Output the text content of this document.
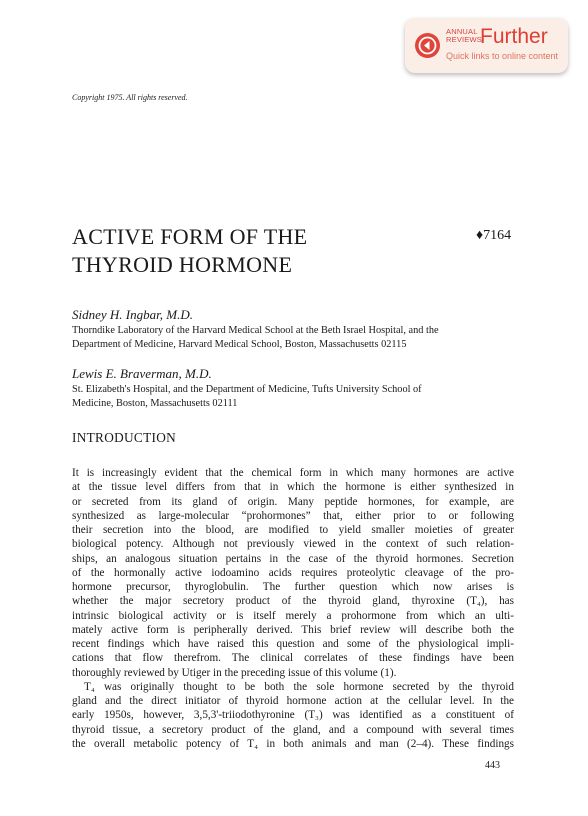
ANNUAL
REVIEWS
Further
Quick links to online content
Copyright 1975. All rights reserved.
ACTIVE FORM OF THE
THYROID HORMONE
♦7164
Sidney H. Ingbar, M.D.
Thorndike Laboratory of the Harvard Medical School at the Beth Israel Hospital, and the
Department of Medicine, Harvard Medical School, Boston, Massachusetts 02115
Lewis E. Braverman, M.D.
St. Elizabeth's Hospital, and the Department of Medicine, Tufts University School of
Medicine, Boston, Massachusetts 02111
INTRODUCTION
It is increasingly evident that the chemical form in which many hormones are active
at the tissue level differs from that in which the hormone is either synthesized in
or secreted from its gland of origin. Many peptide hormones, for example, are
synthesized as large-molecular “prohormones” that, either prior to or following
their secretion into the blood, are modified to yield smaller moieties of greater
biological potency. Although not previously viewed in the context of such relation-
ships, an analogous situation pertains in the case of the thyroid hormones. Secretion
of the hormonally active iodoamino acids requires proteolytic cleavage of the pro-
hormone precursor, thyroglobulin. The further question which now arises is
whether the major secretory product of the thyroid gland, thyroxine (T₄), has
intrinsic biological activity or is itself merely a prohormone from which an ulti-
mately active form is peripherally derived. This brief review will describe both the
recent findings which have raised this question and some of the physiological impli-
cations that flow therefrom. The clinical correlates of these findings have been
thoroughly reviewed by Utiger in the preceding issue of this volume (1).
T₄ was originally thought to be both the sole hormone secreted by the thyroid
gland and the direct initiator of thyroid hormone action at the cellular level. In the
early 1950s, however, 3,5,3'-triiodothyronine (T₃) was identified as a constituent of
thyroid tissue, a secretory product of the gland, and a compound with several times
the overall metabolic potency of T₄ in both animals and man (2–4). These findings
443
